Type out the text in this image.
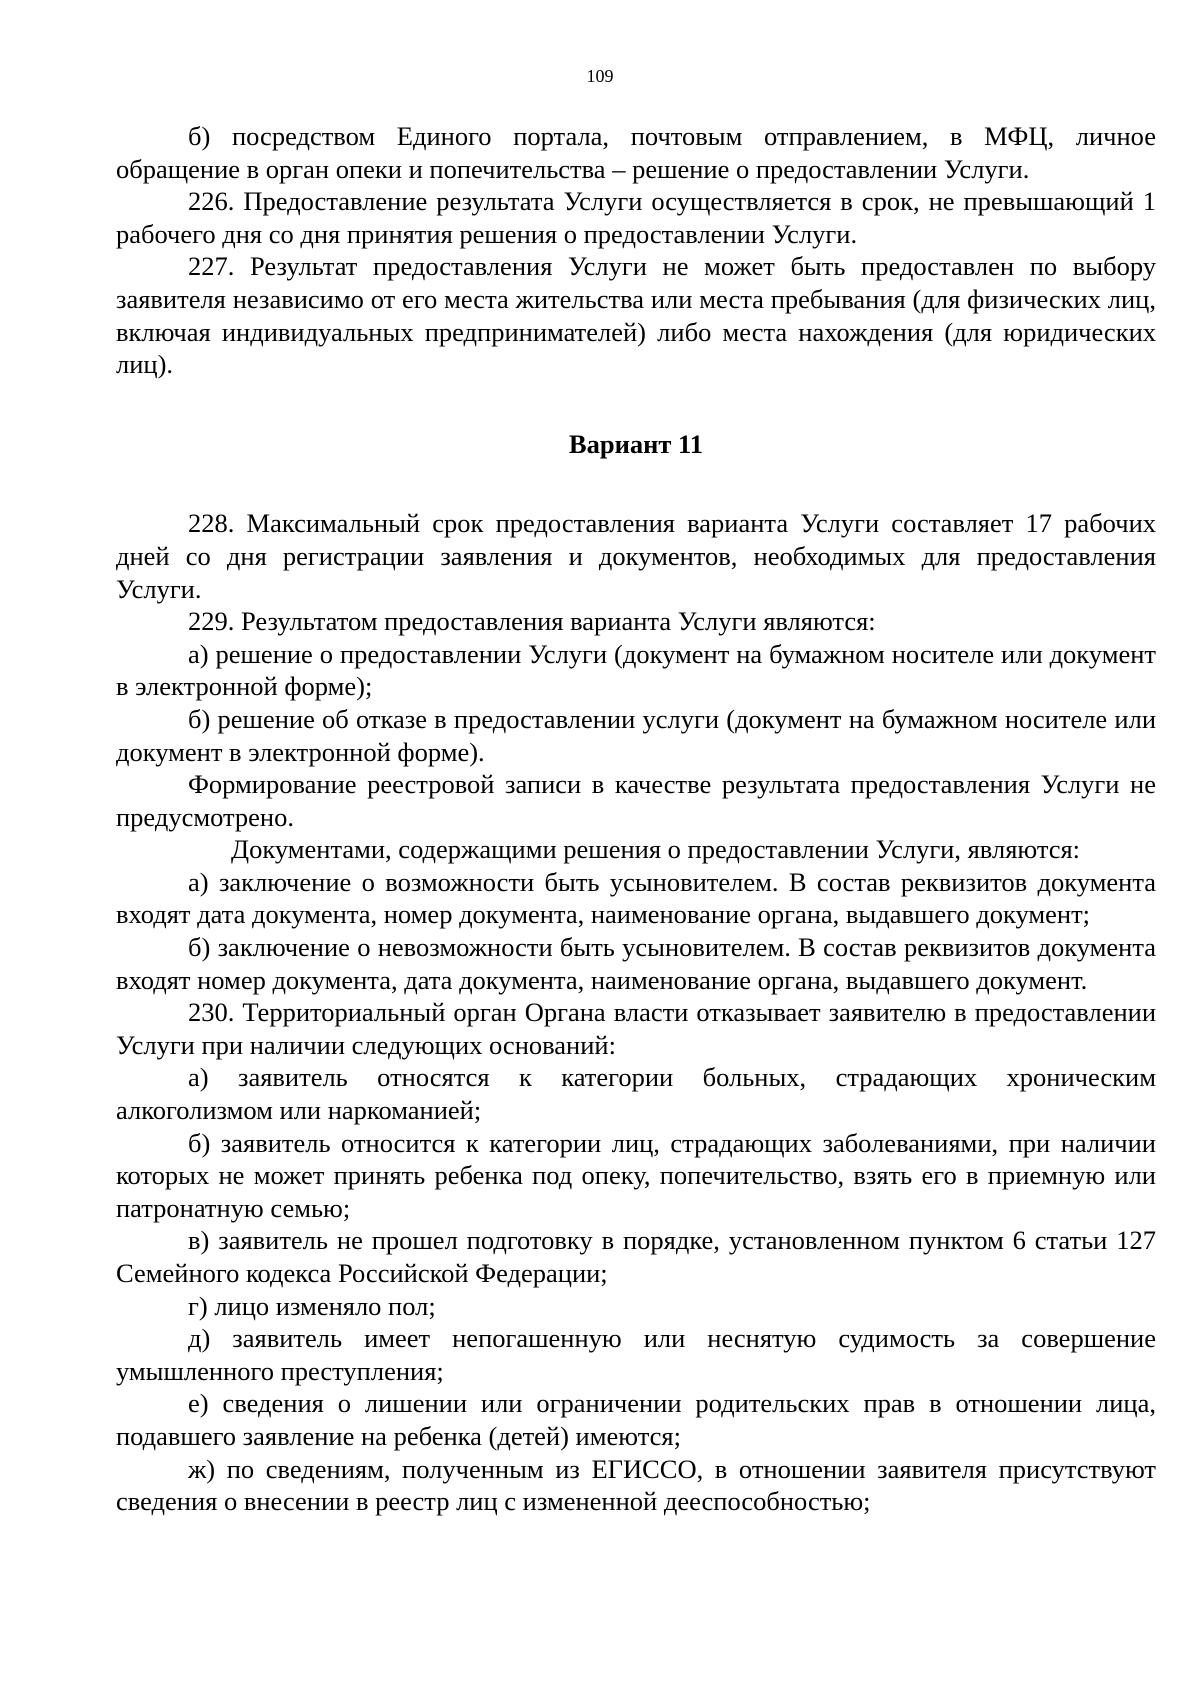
109

б) посредством Единого портала, почтовым отправлением, в МФЦ, личное обращение в орган опеки и попечительства – решение о предоставлении Услуги.

226. Предоставление результата Услуги осуществляется в срок, не превышающий 1 рабочего дня со дня принятия решения о предоставлении Услуги.

227. Результат предоставления Услуги не может быть предоставлен по выбору заявителя независимо от его места жительства или места пребывания (для физических лиц, включая индивидуальных предпринимателей) либо места нахождения (для юридических лиц).

Вариант 11

228. Максимальный срок предоставления варианта Услуги составляет 17 рабочих дней со дня регистрации заявления и документов, необходимых для предоставления Услуги.

229. Результатом предоставления варианта Услуги являются:

а) решение о предоставлении Услуги (документ на бумажном носителе или документ в электронной форме);

б) решение об отказе в предоставлении услуги (документ на бумажном носителе или документ в электронной форме).

Формирование реестровой записи в качестве результата предоставления Услуги не предусмотрено.

Документами, содержащими решения о предоставлении Услуги, являются:

а) заключение о возможности быть усыновителем. В состав реквизитов документа входят дата документа, номер документа, наименование органа, выдавшего документ;

б) заключение о невозможности быть усыновителем. В состав реквизитов документа входят номер документа, дата документа, наименование органа, выдавшего документ.

230. Территориальный орган Органа власти отказывает заявителю в предоставлении Услуги при наличии следующих оснований:

а) заявитель относятся к категории больных, страдающих хроническим алкоголизмом или наркоманией;

б) заявитель относится к категории лиц, страдающих заболеваниями, при наличии которых не может принять ребенка под опеку, попечительство, взять его в приемную или патронатную семью;

в) заявитель не прошел подготовку в порядке, установленном пунктом 6 статьи 127 Семейного кодекса Российской Федерации;

г) лицо изменяло пол;

д) заявитель имеет непогашенную или неснятую судимость за совершение умышленного преступления;

е) сведения о лишении или ограничении родительских прав в отношении лица, подавшего заявление на ребенка (детей) имеются;

ж) по сведениям, полученным из ЕГИССО, в отношении заявителя присутствуют сведения о внесении в реестр лиц с измененной дееспособностью;
